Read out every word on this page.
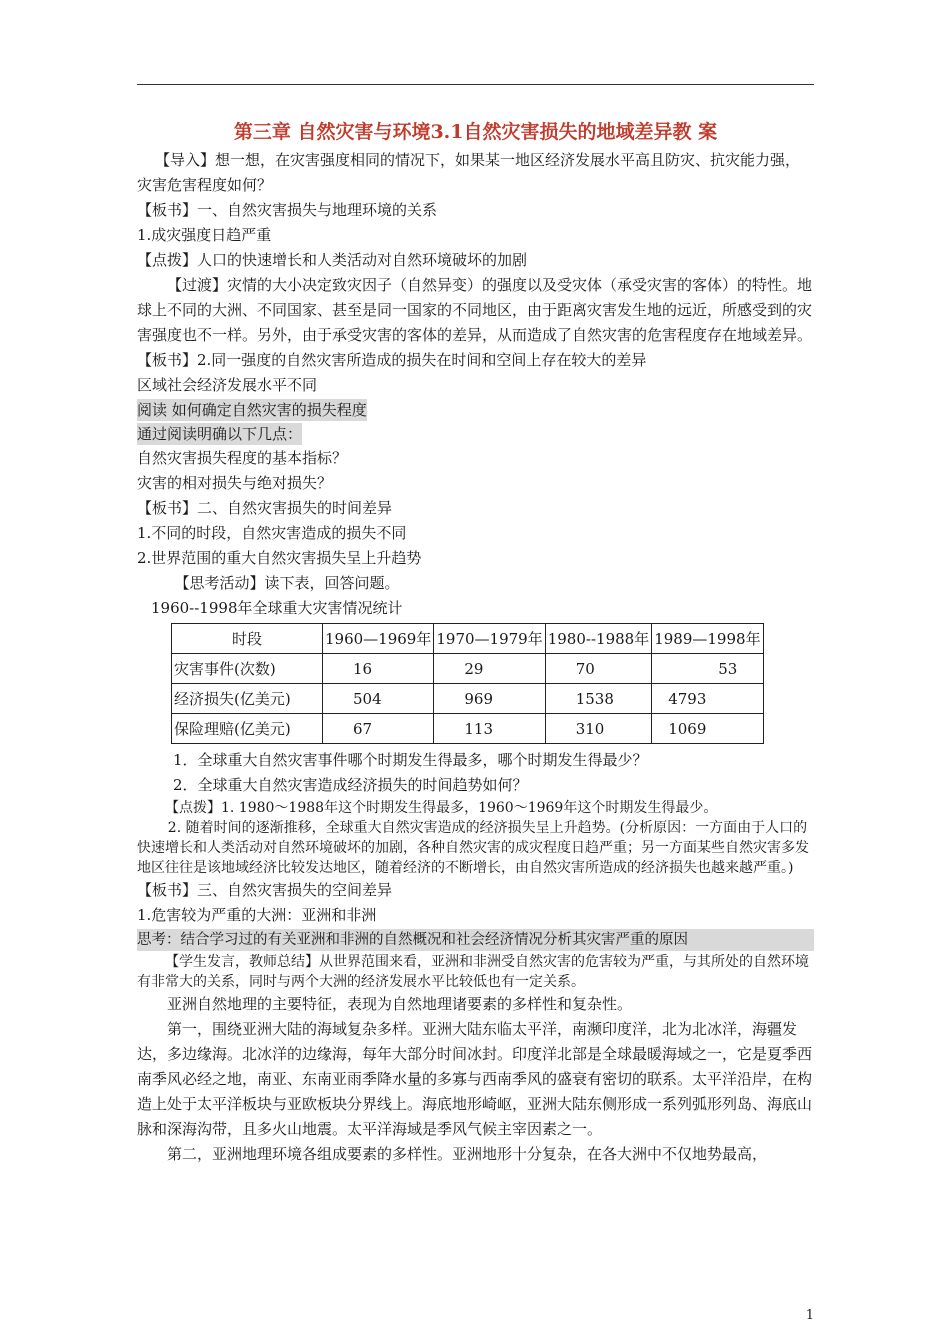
第三章 自然灾害与环境3.1自然灾害损失的地域差异教 案

【导入】想一想，在灾害强度相同的情况下，如果某一地区经济发展水平高且防灾、抗灾能力强，灾害危害程度如何？

【板书】一、自然灾害损失与地理环境的关系

1.成灾强度日趋严重

【点拨】人口的快速增长和人类活动对自然环境破坏的加剧

【过渡】灾情的大小决定致灾因子（自然异变）的强度以及受灾体（承受灾害的客体）的特性。地球上不同的大洲、不同国家、甚至是同一国家的不同地区，由于距离灾害发生地的远近，所感受到的灾害强度也不一样。另外，由于承受灾害的客体的差异，从而造成了自然灾害的危害程度存在地域差异。

【板书】2.同一强度的自然灾害所造成的损失在时间和空间上存在较大的差异

区域社会经济发展水平不同

阅读 如何确定自然灾害的损失程度
通过阅读明确以下几点：

自然灾害损失程度的基本指标？

灾害的相对损失与绝对损失？

【板书】二、自然灾害损失的时间差异

1.不同的时段，自然灾害造成的损失不同

2.世界范围的重大自然灾害损失呈上升趋势

【思考活动】读下表，回答问题。

1960--1998年全球重大灾害情况统计

时段	1960—1969年	1970—1979年	1980--1988年	1989—1998年
灾害事件(次数)	16	29	70	53
经济损失(亿美元)	504	969	1538	4793
保险理赔(亿美元)	67	113	310	1069

1．全球重大自然灾害事件哪个时期发生得最多，哪个时期发生得最少？

2．全球重大自然灾害造成经济损失的时间趋势如何？

【点拨】1. 1980～1988年这个时期发生得最多，1960～1969年这个时期发生得最少。

2. 随着时间的逐渐推移，全球重大自然灾害造成的经济损失呈上升趋势。(分析原因：一方面由于人口的快速增长和人类活动对自然环境破坏的加剧，各种自然灾害的成灾程度日趋严重；另一方面某些自然灾害多发地区往往是该地域经济比较发达地区，随着经济的不断增长，由自然灾害所造成的经济损失也越来越严重。)

【板书】三、自然灾害损失的空间差异

1.危害较为严重的大洲：亚洲和非洲

思考：结合学习过的有关亚洲和非洲的自然概况和社会经济情况分析其灾害严重的原因

【学生发言，教师总结】从世界范围来看，亚洲和非洲受自然灾害的危害较为严重，与其所处的自然环境有非常大的关系，同时与两个大洲的经济发展水平比较低也有一定关系。

亚洲自然地理的主要特征，表现为自然地理诸要素的多样性和复杂性。

第一，围绕亚洲大陆的海域复杂多样。亚洲大陆东临太平洋，南濒印度洋，北为北冰洋，海疆发达，多边缘海。北冰洋的边缘海，每年大部分时间冰封。印度洋北部是全球最暖海域之一，它是夏季西南季风必经之地，南亚、东南亚雨季降水量的多寡与西南季风的盛衰有密切的联系。太平洋沿岸，在构造上处于太平洋板块与亚欧板块分界线上。海底地形崎岖，亚洲大陆东侧形成一系列弧形列岛、海底山脉和深海沟带，且多火山地震。太平洋海域是季风气候主宰因素之一。

第二，亚洲地理环境各组成要素的多样性。亚洲地形十分复杂，在各大洲中不仅地势最高，

1
